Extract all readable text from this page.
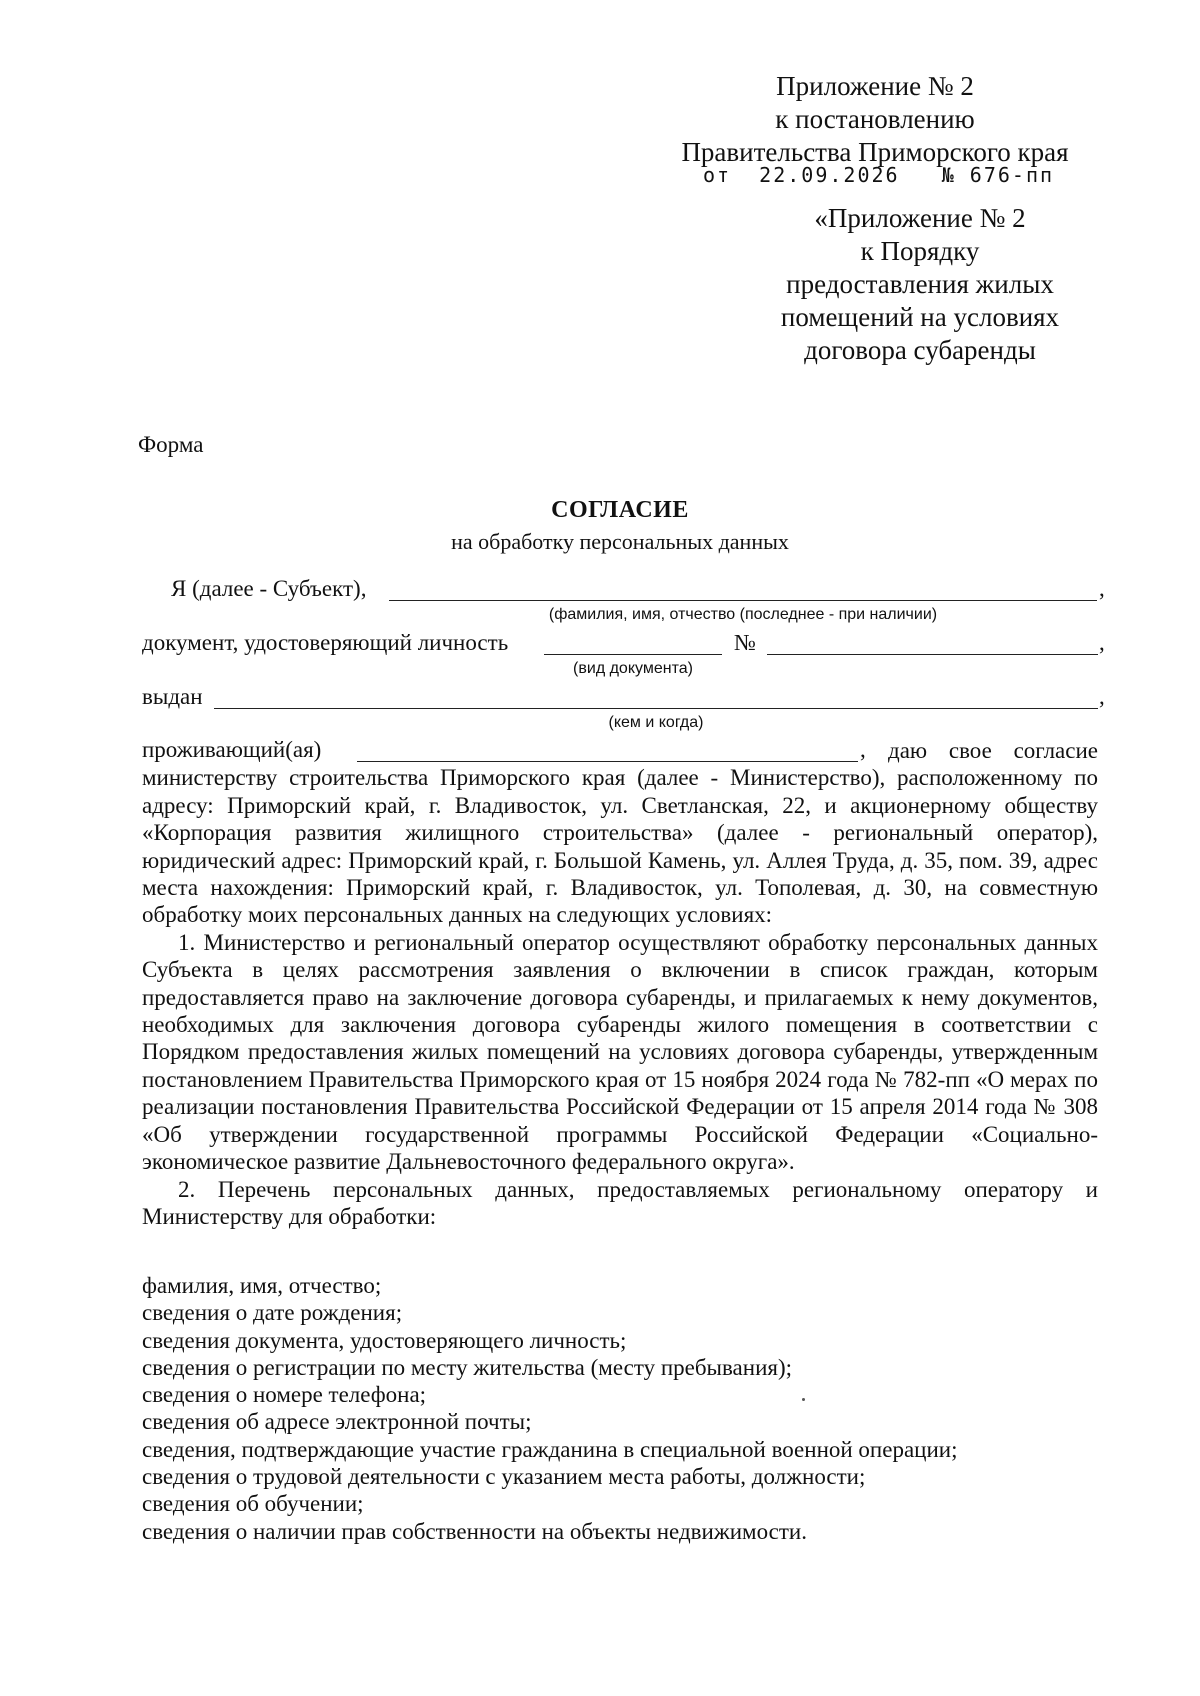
Приложение № 2
к постановлению
Правительства Приморского края
от  22.09.2026   № 676-пп
«Приложение № 2
к Порядку
предоставления жилых
помещений на условиях
договора субаренды
Форма
СОГЛАСИЕ
на обработку персональных данных
Я (далее - Субъект),	,
(фамилия, имя, отчество (последнее - при наличии)
документ, удостоверяющий личность	№	,
(вид документа)
выдан	,
(кем и когда)
проживающий(ая)	, даю свое согласие министерству строительства Приморского края (далее - Министерство), расположенному по адресу: Приморский край, г. Владивосток, ул. Светланская, 22, и акционерному обществу «Корпорация развития жилищного строительства» (далее - региональный оператор), юридический адрес: Приморский край, г. Большой Камень, ул. Аллея Труда, д. 35, пом. 39, адрес места нахождения: Приморский край, г. Владивосток, ул. Тополевая, д. 30, на совместную обработку моих персональных данных на следующих условиях:

1. Министерство и региональный оператор осуществляют обработку персональных данных Субъекта в целях рассмотрения заявления о включении в список граждан, которым предоставляется право на заключение договора субаренды, и прилагаемых к нему документов, необходимых для заключения договора субаренды жилого помещения в соответствии с Порядком предоставления жилых помещений на условиях договора субаренды, утвержденным постановлением Правительства Приморского края от 15 ноября 2024 года № 782-пп «О мерах по реализации постановления Правительства Российской Федерации от 15 апреля 2014 года № 308 «Об утверждении государственной программы Российской Федерации «Социально-экономическое развитие Дальневосточного федерального округа».

2. Перечень персональных данных, предоставляемых региональному оператору и Министерству для обработки:

фамилия, имя, отчество;
сведения о дате рождения;
сведения документа, удостоверяющего личность;
сведения о регистрации по месту жительства (месту пребывания);
сведения о номере телефона;
сведения об адресе электронной почты;
сведения, подтверждающие участие гражданина в специальной военной операции;
сведения о трудовой деятельности с указанием места работы, должности;
сведения об обучении;
сведения о наличии прав собственности на объекты недвижимости.
